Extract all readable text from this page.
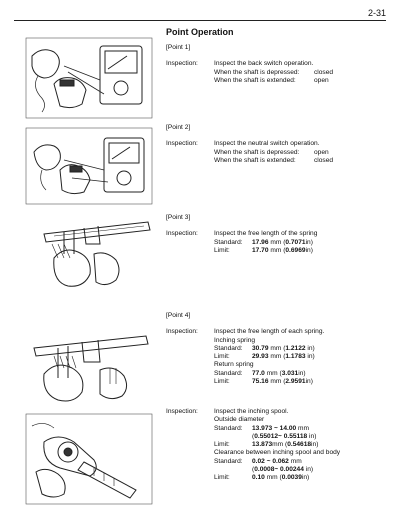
2-31
Point Operation
[Point 1]
Inspection:	Inspect the back switch operation.
When the shaft is depressed:	closed
When the shaft is extended:	open
[Point 2]
Inspection:	Inspect the neutral switch operation.
When the shaft is depressed:	open
When the shaft is extended:	closed
[Point 3]
Inspection:	Inspect the free length of the spring
Standard:	17.96 mm (0.7071in)
Limit:	17.70 mm (0.6969in)
[Point 4]
Inspection:	Inspect the free length of each spring.
Inching spring
Standard:	30.79 mm (1.2122 in)
Limit:	29.93 mm (1.1783 in)
Return spring
Standard:	77.0 mm (3.031in)
Limit:	75.16 mm (2.9591in)
Inspection:	Inspect the inching spool.
Outside diameter
Standard:	13.973 ~ 14.00 mm
(0.55012~ 0.55118 in)
Limit:	13.873mm (0.54618in)
Clearance between inching spool and body
Standard:	0.02 ~ 0.062 mm
(0.0008~ 0.00244 in)
Limit:	0.10 mm (0.0039in)
